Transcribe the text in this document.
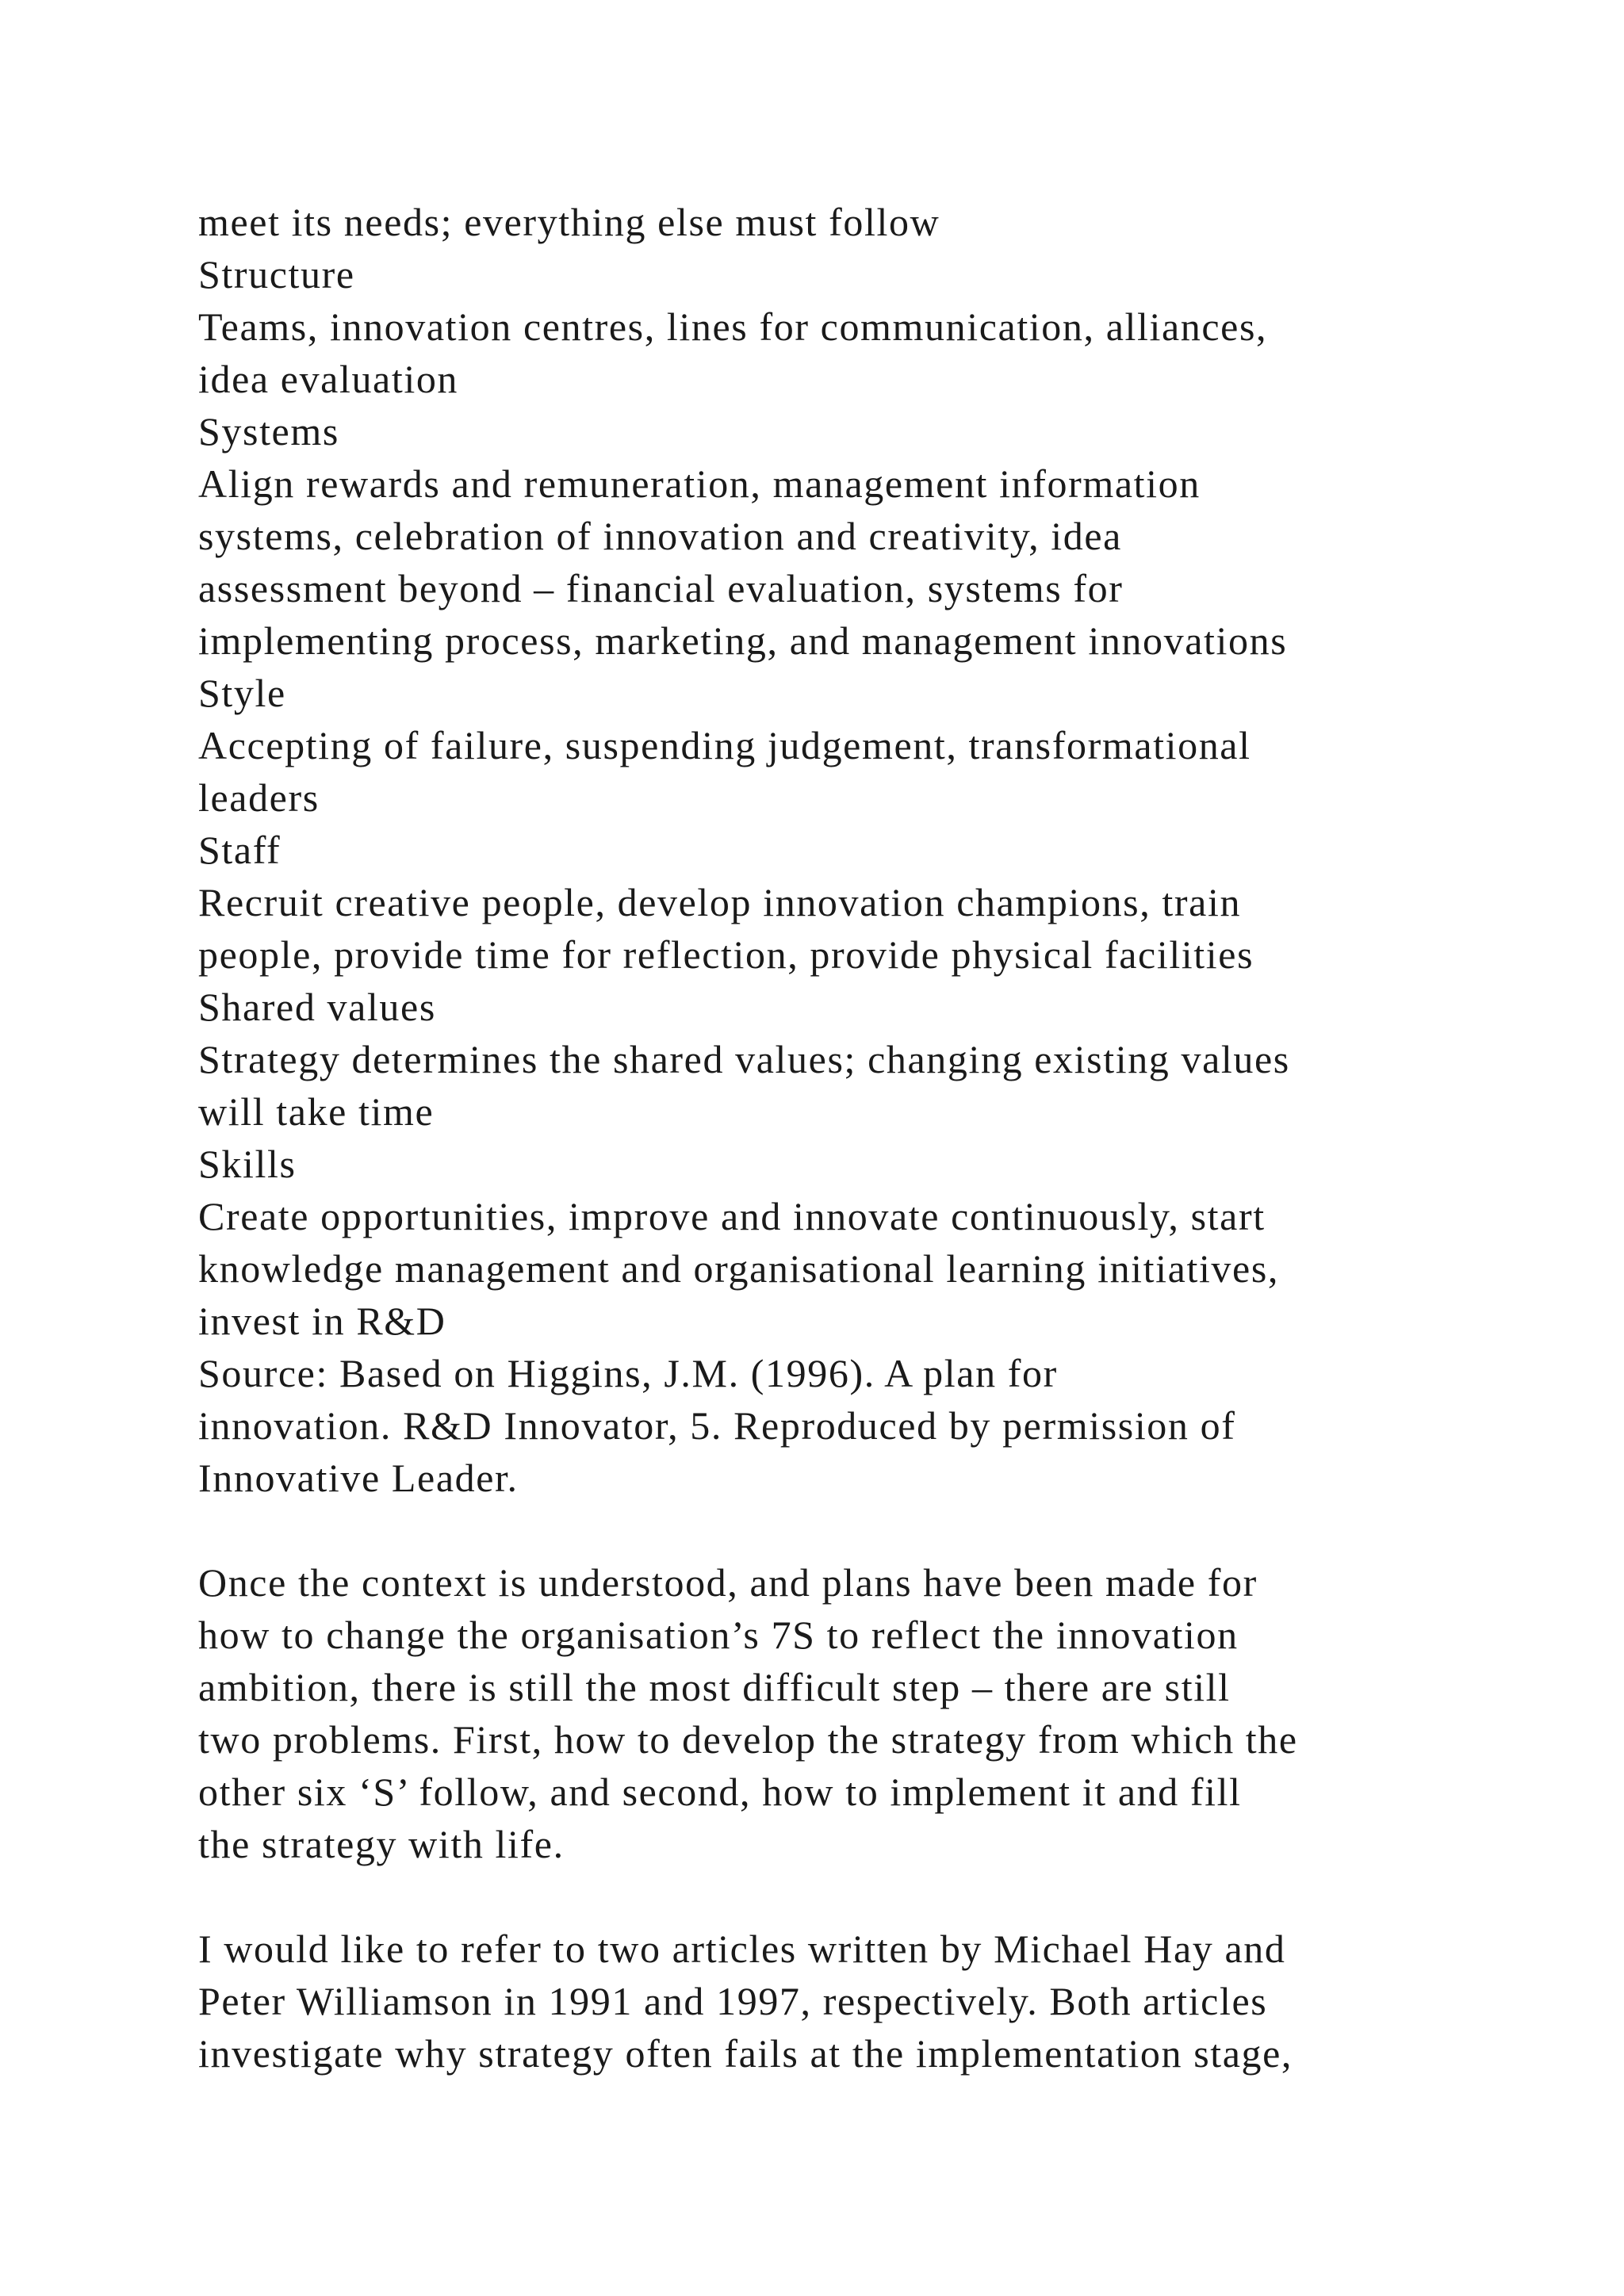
meet its needs; everything else must follow
Structure
Teams, innovation centres, lines for communication, alliances,
idea evaluation
Systems
Align rewards and remuneration, management information
systems, celebration of innovation and creativity, idea
assessment beyond – financial evaluation, systems for
implementing process, marketing, and management innovations
Style
Accepting of failure, suspending judgement, transformational
leaders
Staff
Recruit creative people, develop innovation champions, train
people, provide time for reflection, provide physical facilities
Shared values
Strategy determines the shared values; changing existing values
will take time
Skills
Create opportunities, improve and innovate continuously, start
knowledge management and organisational learning initiatives,
invest in R&D
Source: Based on Higgins, J.M. (1996). A plan for
innovation. R&D Innovator, 5. Reproduced by permission of
Innovative Leader.
Once the context is understood, and plans have been made for
how to change the organisation’s 7S to reflect the innovation
ambition, there is still the most difficult step – there are still
two problems. First, how to develop the strategy from which the
other six ‘S’ follow, and second, how to implement it and fill
the strategy with life.
I would like to refer to two articles written by Michael Hay and
Peter Williamson in 1991 and 1997, respectively. Both articles
investigate why strategy often fails at the implementation stage,
